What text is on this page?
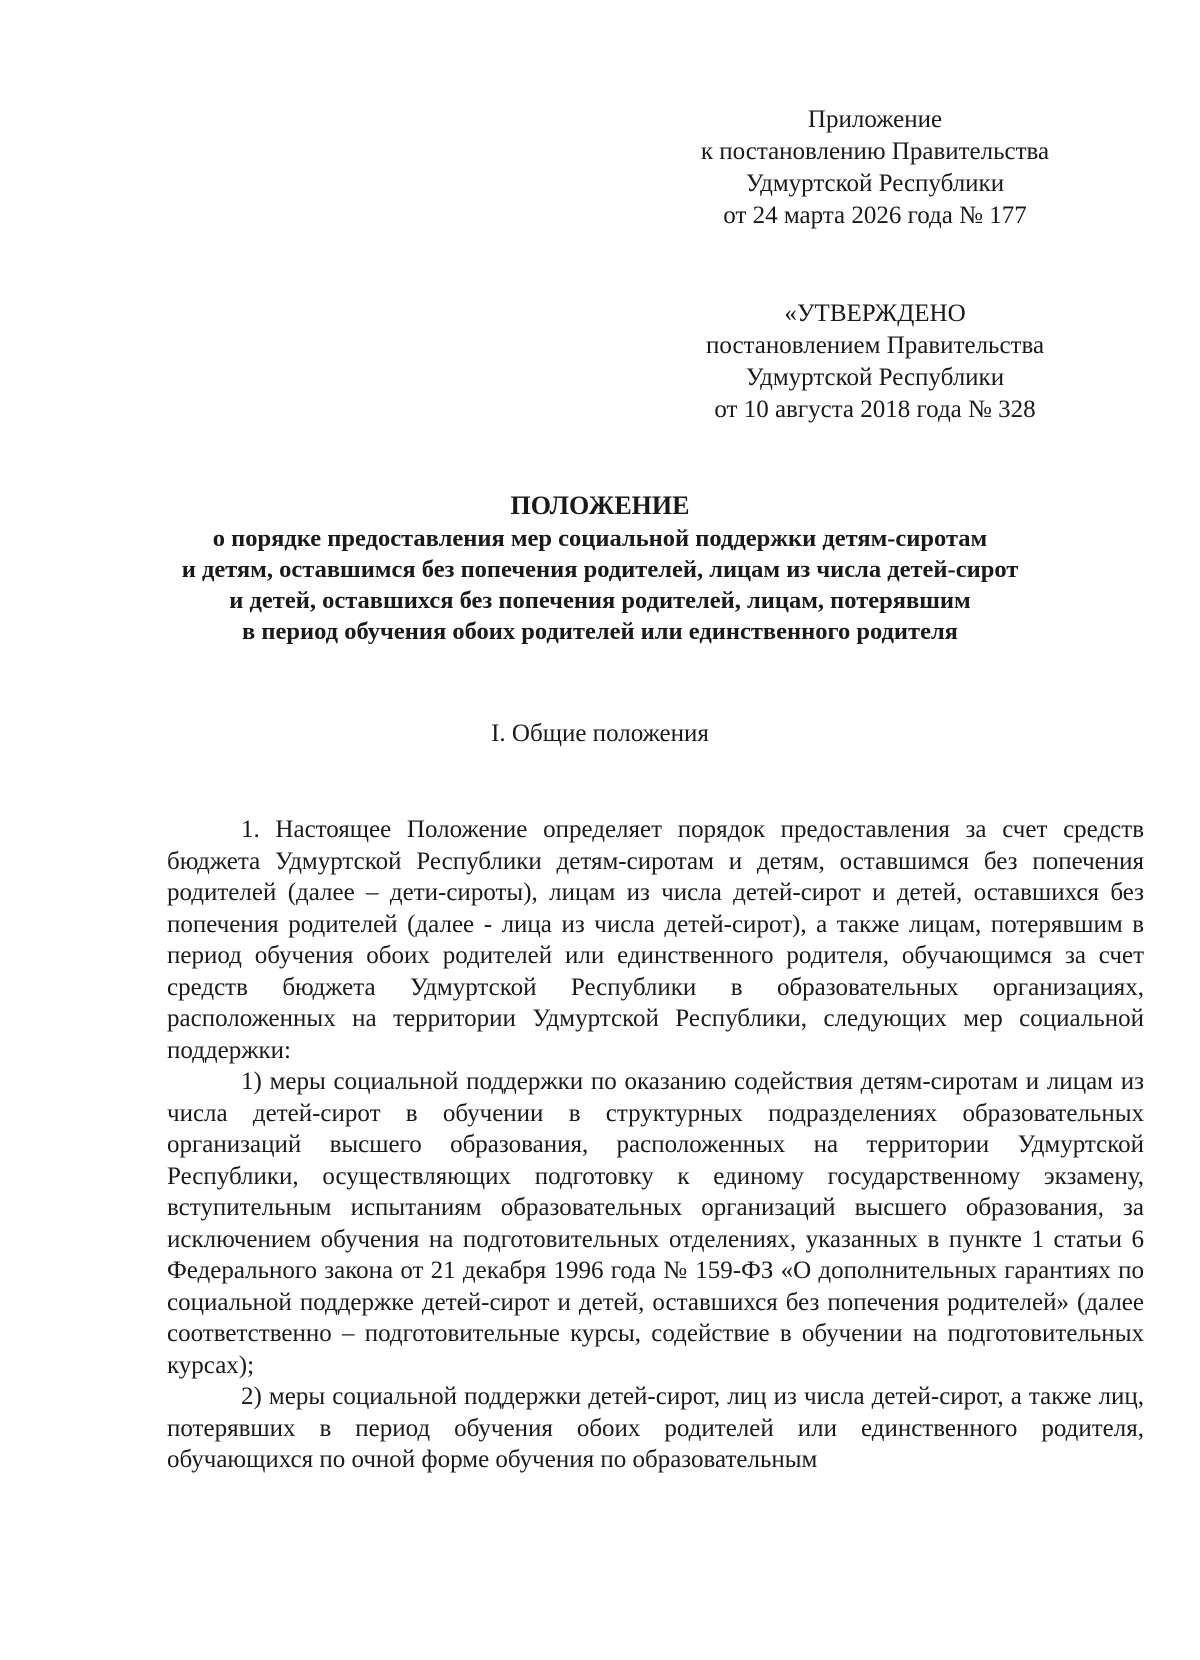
Приложение
к постановлению Правительства
Удмуртской Республики
от 24 марта 2026 года № 177
«УТВЕРЖДЕНО
постановлением Правительства
Удмуртской Республики
от 10 августа 2018 года № 328
ПОЛОЖЕНИЕ
о порядке предоставления мер социальной поддержки детям-сиротам
и детям, оставшимся без попечения родителей, лицам из числа детей-сирот
и детей, оставшихся без попечения родителей, лицам, потерявшим
в период обучения обоих родителей или единственного родителя
I. Общие положения

1. Настоящее Положение определяет порядок предоставления за счет средств бюджета Удмуртской Республики детям-сиротам и детям, оставшимся без попечения родителей (далее – дети-сироты), лицам из числа детей-сирот и детей, оставшихся без попечения родителей (далее - лица из числа детей-сирот), а также лицам, потерявшим в период обучения обоих родителей или единственного родителя, обучающимся за счет средств бюджета Удмуртской Республики в образовательных организациях, расположенных на территории Удмуртской Республики, следующих мер социальной поддержки:

1) меры социальной поддержки по оказанию содействия детям-сиротам и лицам из числа детей-сирот в обучении в структурных подразделениях образовательных организаций высшего образования, расположенных на территории Удмуртской Республики, осуществляющих подготовку к единому государственному экзамену, вступительным испытаниям образовательных организаций высшего образования, за исключением обучения на подготовительных отделениях, указанных в пункте 1 статьи 6 Федерального закона от 21 декабря 1996 года № 159-ФЗ «О дополнительных гарантиях по социальной поддержке детей-сирот и детей, оставшихся без попечения родителей» (далее соответственно – подготовительные курсы, содействие в обучении на подготовительных курсах);

2) меры социальной поддержки детей-сирот, лиц из числа детей-сирот, а также лиц, потерявших в период обучения обоих родителей или единственного родителя, обучающихся по очной форме обучения по образовательным
